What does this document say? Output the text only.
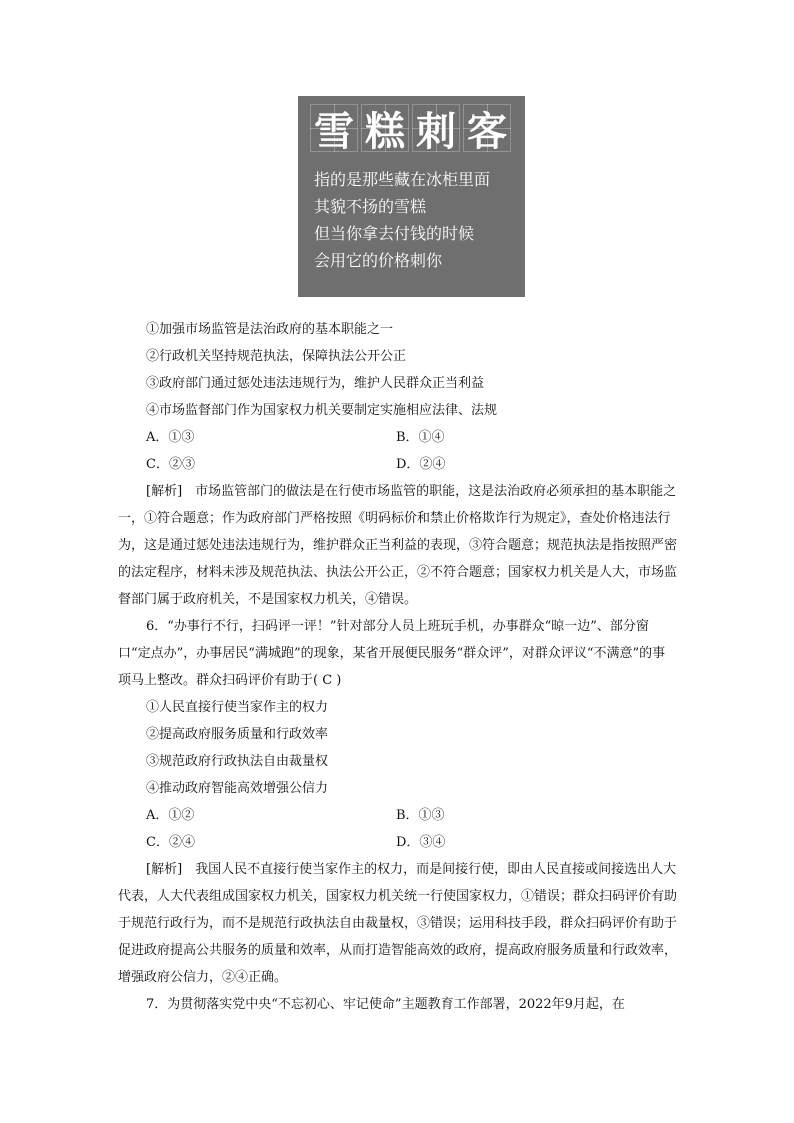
雪 糕 刺 客
指的是那些藏在冰柜里面
其貌不扬的雪糕
但当你拿去付钱的时候
会用它的价格刺你

①加强市场监管是法治政府的基本职能之一

②行政机关坚持规范执法，保障执法公开公正

③政府部门通过惩处违法违规行为，维护人民群众正当利益

④市场监督部门作为国家权力机关要制定实施相应法律、法规

A．①③	B．①④
C．②③	D．②④

[解析]　市场监管部门的做法是在行使市场监管的职能，这是法治政府必须承担的基本职能之一，①符合题意；作为政府部门严格按照《明码标价和禁止价格欺诈行为规定》，查处价格违法行为，这是通过惩处违法违规行为，维护群众正当利益的表现，③符合题意；规范执法是指按照严密的法定程序，材料未涉及规范执法、执法公开公正，②不符合题意；国家权力机关是人大，市场监督部门属于政府机关，不是国家权力机关，④错误。

6．“办事行不行，扫码评一评！”针对部分人员上班玩手机，办事群众“晾一边”、部分窗口“定点办”，办事居民“满城跑”的现象，某省开展便民服务“群众评”，对群众评议“不满意”的事项马上整改。群众扫码评价有助于( C )

①人民直接行使当家作主的权力

②提高政府服务质量和行政效率

③规范政府行政执法自由裁量权

④推动政府智能高效增强公信力

A．①②	B．①③
C．②④	D．③④

[解析]　我国人民不直接行使当家作主的权力，而是间接行使，即由人民直接或间接选出人大代表，人大代表组成国家权力机关，国家权力机关统一行使国家权力，①错误；群众扫码评价有助于规范行政行为，而不是规范行政执法自由裁量权，③错误；运用科技手段，群众扫码评价有助于促进政府提高公共服务的质量和效率，从而打造智能高效的政府，提高政府服务质量和行政效率，增强政府公信力，②④正确。

7．为贯彻落实党中央“不忘初心、牢记使命”主题教育工作部署，2022年9月起，在
